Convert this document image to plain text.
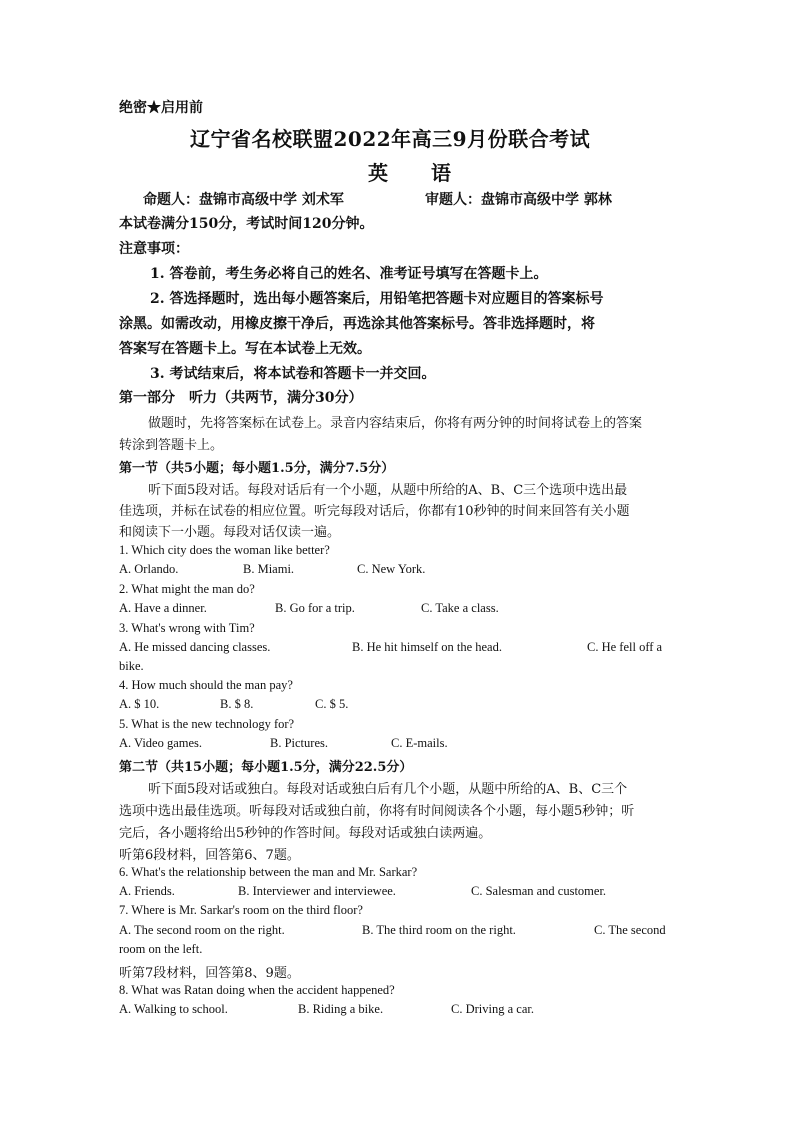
绝密★启用前
辽宁省名校联盟2022年高三9月份联合考试
英 语
命题人：盘锦市高级中学 刘术军	审题人：盘锦市高级中学 郭林
本试卷满分150分，考试时间120分钟。
注意事项：
1. 答卷前，考生务必将自己的姓名、准考证号填写在答题卡上。
2. 答选择题时，选出每小题答案后，用铅笔把答题卡对应题目的答案标号
涂黑。如需改动，用橡皮擦干净后，再选涂其他答案标号。答非选择题时，将
答案写在答题卡上。写在本试卷上无效。
3. 考试结束后，将本试卷和答题卡一并交回。
第一部分　听力（共两节，满分30分）
做题时，先将答案标在试卷上。录音内容结束后，你将有两分钟的时间将试卷上的答案
转涂到答题卡上。
第一节（共5小题；每小题1.5分，满分7.5分）
听下面5段对话。每段对话后有一个小题，从题中所给的A、B、C三个选项中选出最
佳选项，并标在试卷的相应位置。听完每段对话后，你都有10秒钟的时间来回答有关小题
和阅读下一小题。每段对话仅读一遍。
1. Which city does the woman like better?
A. Orlando.	B. Miami.	C. New York.
2. What might the man do?
A. Have a dinner.	B. Go for a trip.	C. Take a class.
3. What's wrong with Tim?
A. He missed dancing classes.	B. He hit himself on the head.	C. He fell off a
bike.
4. How much should the man pay?
A. $ 10.	B. $ 8.	C. $ 5.
5. What is the new technology for?
A. Video games.	B. Pictures.	C. E-mails.
第二节（共15小题；每小题1.5分，满分22.5分）
听下面5段对话或独白。每段对话或独白后有几个小题，从题中所给的A、B、C三个
选项中选出最佳选项。听每段对话或独白前，你将有时间阅读各个小题，每小题5秒钟；听
完后，各小题将给出5秒钟的作答时间。每段对话或独白读两遍。
听第6段材料，回答第6、7题。
6. What's the relationship between the man and Mr. Sarkar?
A. Friends.	B. Interviewer and interviewee.	C. Salesman and customer.
7. Where is Mr. Sarkar's room on the third floor?
A. The second room on the right.	B. The third room on the right.	C. The second
room on the left.
听第7段材料，回答第8、9题。
8. What was Ratan doing when the accident happened?
A. Walking to school.	B. Riding a bike.	C. Driving a car.
